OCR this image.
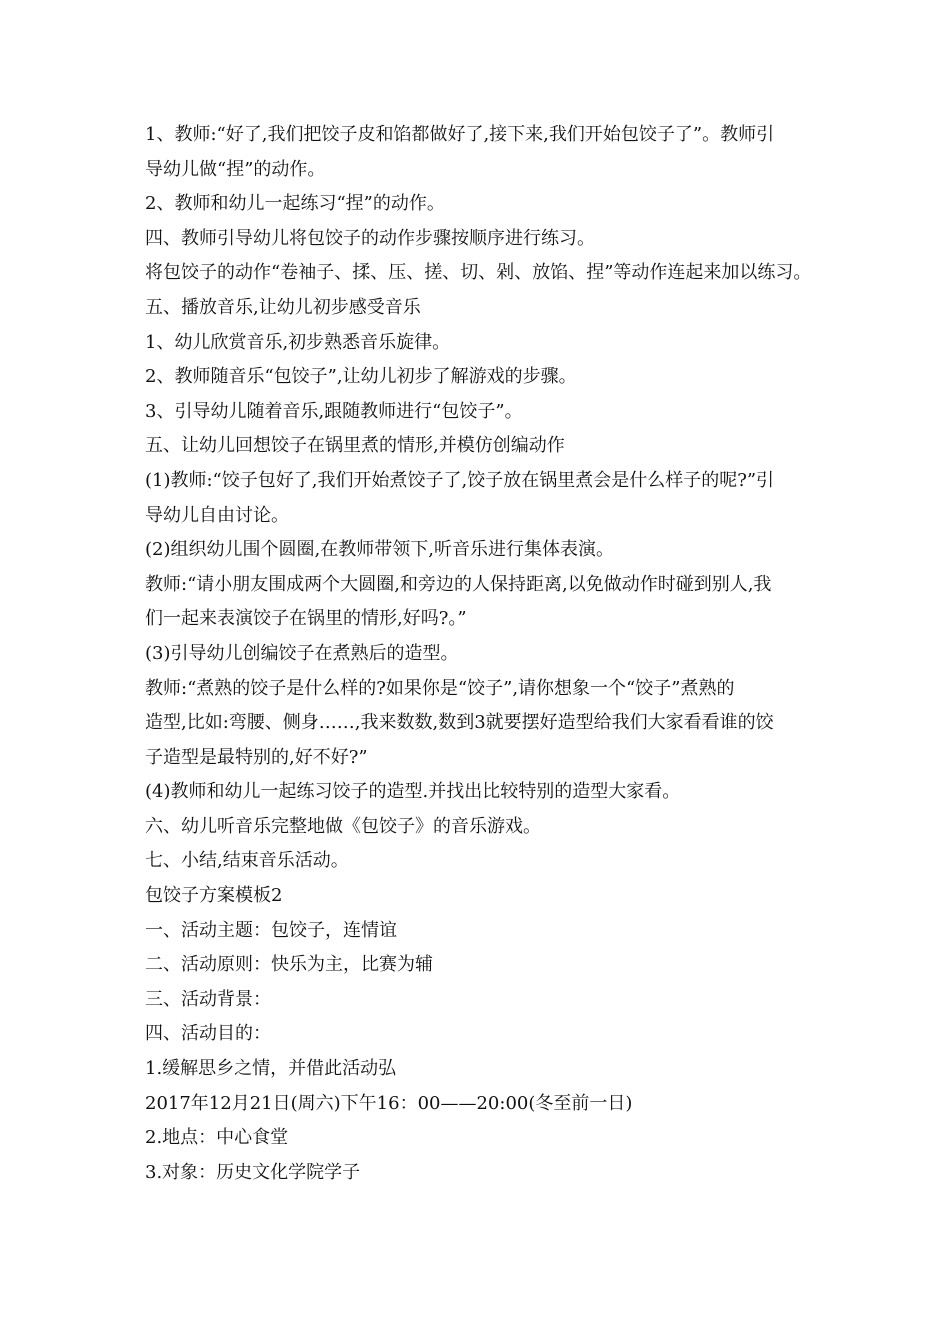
1、教师:“好了,我们把饺子皮和馅都做好了,接下来,我们开始包饺子了”。教师引
导幼儿做“捏”的动作。
2、教师和幼儿一起练习“捏”的动作。
四、教师引导幼儿将包饺子的动作步骤按顺序进行练习。
将包饺子的动作“卷袖子、揉、压、搓、切、剁、放馅、捏”等动作连起来加以练习。
五、播放音乐,让幼儿初步感受音乐
1、幼儿欣赏音乐,初步熟悉音乐旋律。
2、教师随音乐“包饺子”,让幼儿初步了解游戏的步骤。
3、引导幼儿随着音乐,跟随教师进行“包饺子”。
五、让幼儿回想饺子在锅里煮的情形,并模仿创编动作
(1)教师:“饺子包好了,我们开始煮饺子了,饺子放在锅里煮会是什么样子的呢?”引
导幼儿自由讨论。
(2)组织幼儿围个圆圈,在教师带领下,听音乐进行集体表演。
教师:“请小朋友围成两个大圆圈,和旁边的人保持距离,以免做动作时碰到别人,我
们一起来表演饺子在锅里的情形,好吗?。”
(3)引导幼儿创编饺子在煮熟后的造型。
教师:“煮熟的饺子是什么样的?如果你是“饺子”,请你想象一个“饺子”煮熟的
造型,比如:弯腰、侧身……,我来数数,数到3就要摆好造型给我们大家看看谁的饺
子造型是最特别的,好不好?”
(4)教师和幼儿一起练习饺子的造型.并找出比较特别的造型大家看。
六、幼儿听音乐完整地做《包饺子》的音乐游戏。
七、小结,结束音乐活动。
包饺子方案模板2
一、活动主题：包饺子，连情谊
二、活动原则：快乐为主，比赛为辅
三、活动背景：
四、活动目的：
1.缓解思乡之情，并借此活动弘
2017年12月21日(周六)下午16：00——20:00(冬至前一日)
2.地点：中心食堂
3.对象：历史文化学院学子
